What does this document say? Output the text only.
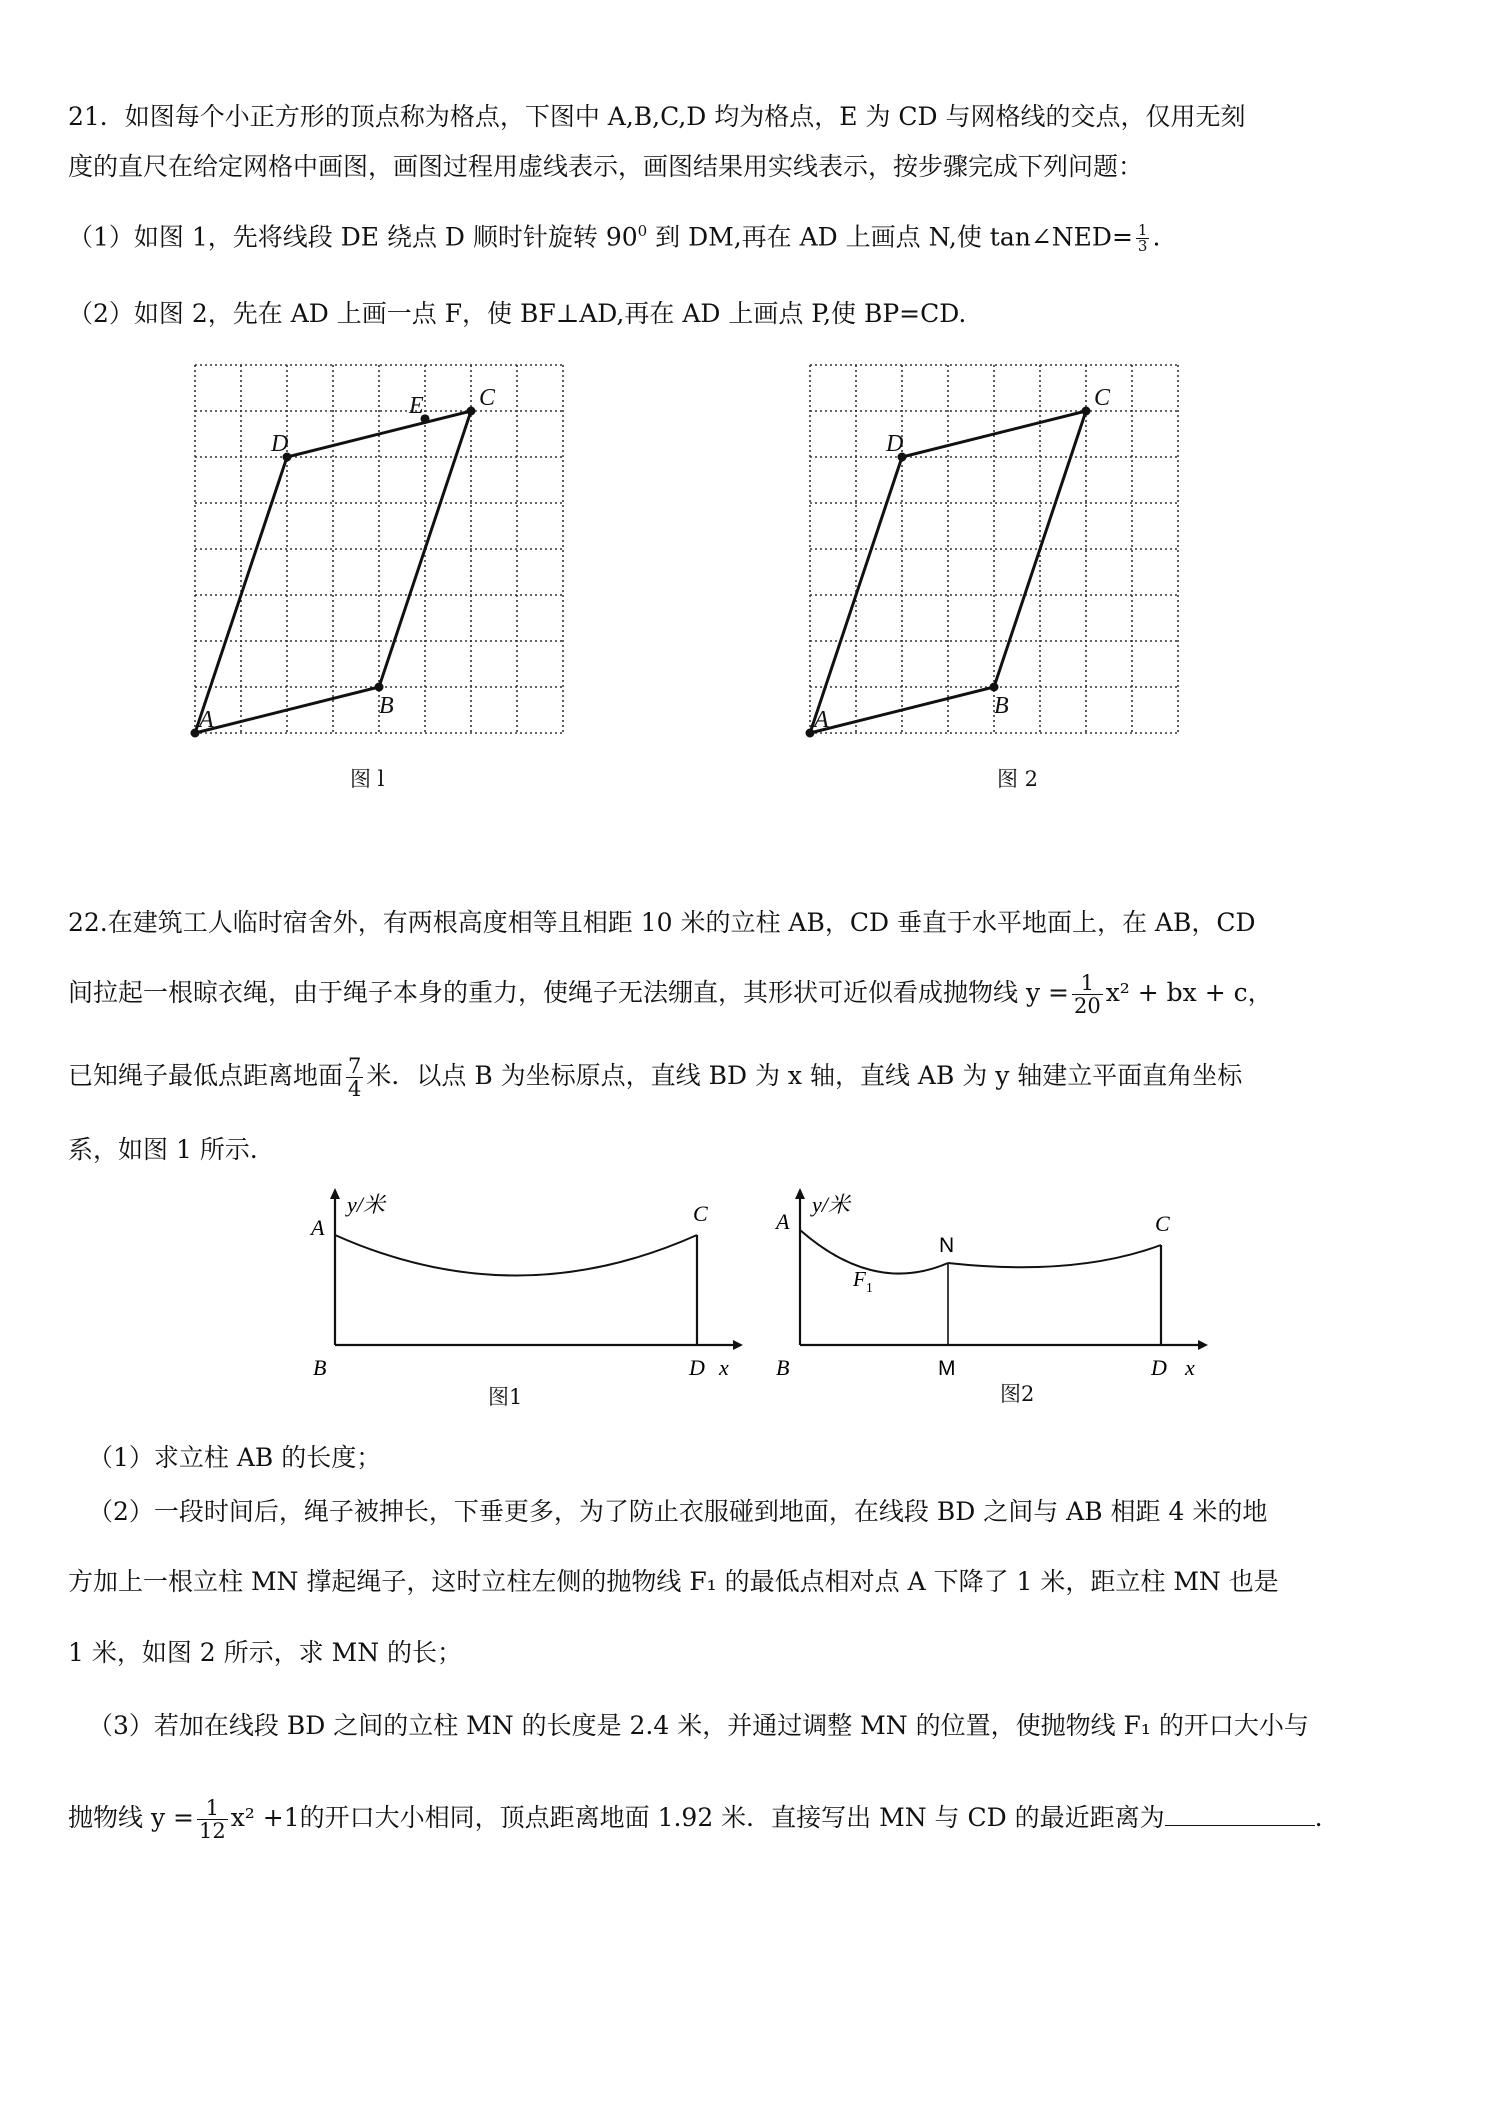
21．如图每个小正方形的顶点称为格点，下图中 A,B,C,D 均为格点，E 为 CD 与网格线的交点，仅用无刻
度的直尺在给定网格中画图，画图过程用虚线表示，画图结果用实线表示，按步骤完成下列问题：
（1）如图 1，先将线段 DE 绕点 D 顺时针旋转 $90^0$ 到 DM,再在 AD 上画点 N,使 tan∠NED= $\frac{1}{3}$ .
（2）如图 2，先在 AD 上画一点 F，使 BF⊥AD,再在 AD 上画点 P,使 BP=CD.
A
B
C
D
E
图 l
A
B
C
D
图 2
22.在建筑工人临时宿舍外，有两根高度相等且相距 10 米的立柱 AB，CD 垂直于水平地面上，在 AB，CD
间拉起一根晾衣绳，由于绳子本身的重力，使绳子无法绷直，其形状可近似看成抛物线 $y = \frac{1}{20} x^2$ + bx + c，
已知绳子最低点距离地面 $\frac{7}{4}$ 米．以点 B 为坐标原点，直线 BD 为 x 轴，直线 AB 为 y 轴建立平面直角坐标
系，如图 1 所示.
y/米
A
B
C
D x
图1
y/米
A
B
C
D x
N
M
$F_1$
图2
（1）求立柱 AB 的长度；
（2）一段时间后，绳子被抻长，下垂更多，为了防止衣服碰到地面，在线段 BD 之间与 AB 相距 4 米的地
方加上一根立柱 MN 撑起绳子，这时立柱左侧的抛物线 F₁ 的最低点相对点 A 下降了 1 米，距立柱 MN 也是
1 米，如图 2 所示，求 MN 的长；
（3）若加在线段 BD 之间的立柱 MN 的长度是 2.4 米，并通过调整 MN 的位置，使抛物线 F₁ 的开口大小与
抛物线 $y = \frac{1}{12} x^2 +1$的开口大小相同，顶点距离地面 1.92 米．直接写出 MN 与 CD 的最近距离为	.
